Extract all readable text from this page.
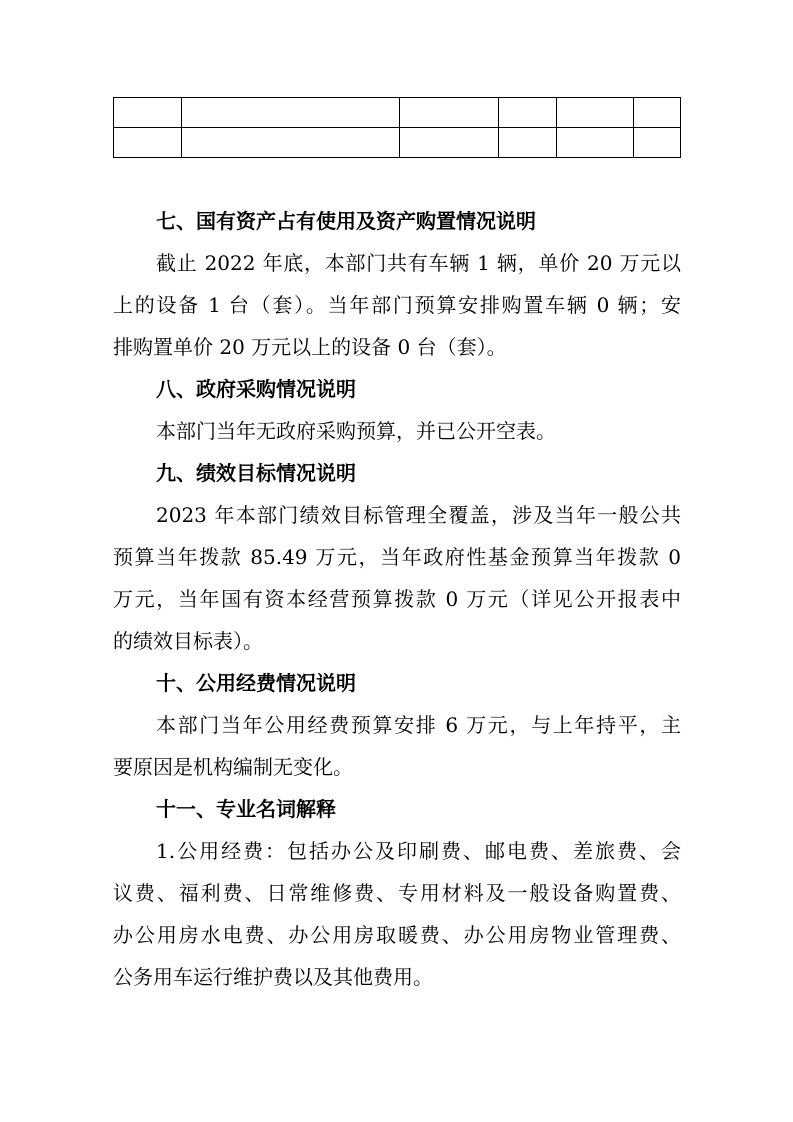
七、国有资产占有使用及资产购置情况说明
截止 2022 年底，本部门共有车辆 1 辆，单价 20 万元以
上的设备 1 台（套）。当年部门预算安排购置车辆 0 辆；安
排购置单价 20 万元以上的设备 0 台（套）。
八、政府采购情况说明
本部门当年无政府采购预算，并已公开空表。
九、绩效目标情况说明
2023 年本部门绩效目标管理全覆盖，涉及当年一般公共
预算当年拨款 85.49 万元，当年政府性基金预算当年拨款 0
万元，当年国有资本经营预算拨款 0 万元（详见公开报表中
的绩效目标表）。
十、公用经费情况说明
本部门当年公用经费预算安排 6 万元，与上年持平，主
要原因是机构编制无变化。
十一、专业名词解释
1.公用经费：包括办公及印刷费、邮电费、差旅费、会
议费、福利费、日常维修费、专用材料及一般设备购置费、
办公用房水电费、办公用房取暖费、办公用房物业管理费、
公务用车运行维护费以及其他费用。
